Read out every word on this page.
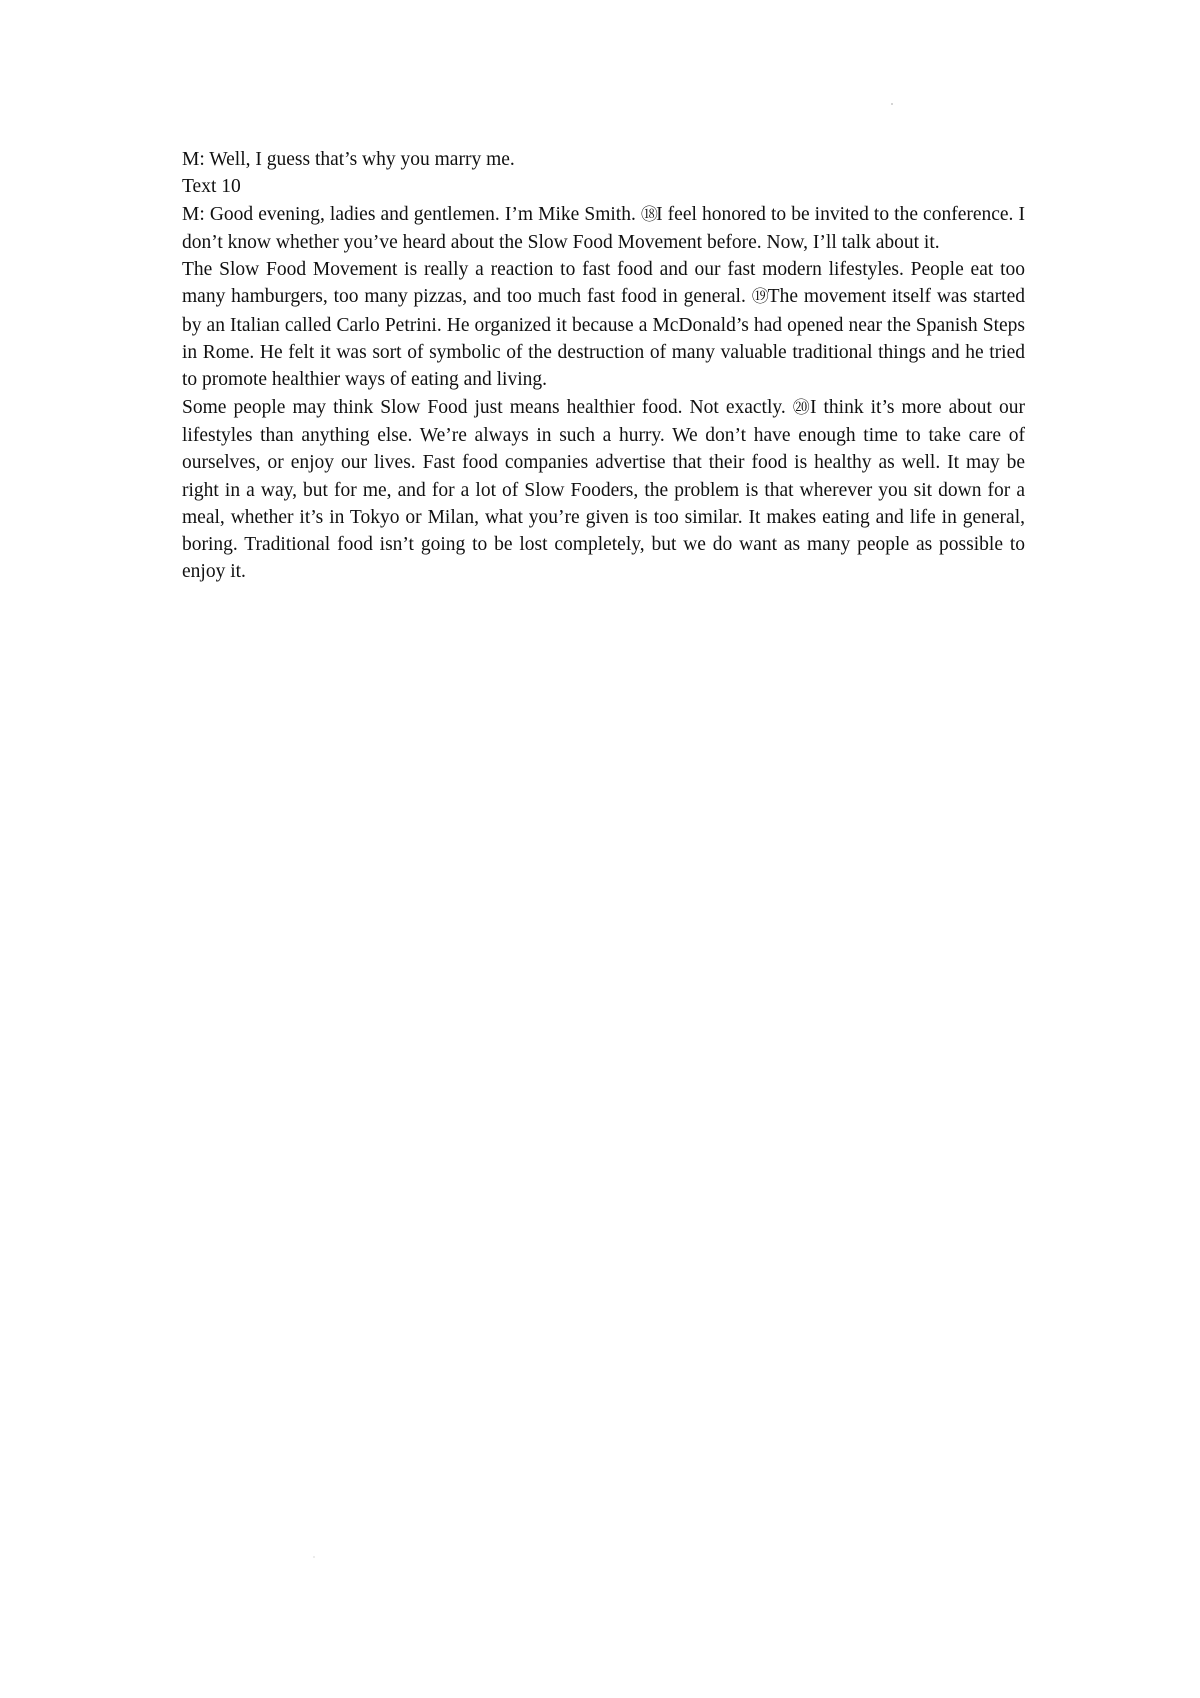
M: Well, I guess that’s why you marry me.

Text 10

M: Good evening, ladies and gentlemen. I’m Mike Smith. ⑱ I feel honored to be invited to the conference. I don’t know whether you’ve heard about the Slow Food Movement before. Now, I’ll talk about it.

The Slow Food Movement is really a reaction to fast food and our fast modern lifestyles. People eat too many hamburgers, too many pizzas, and too much fast food in general. ⑲ The movement itself was started by an Italian called Carlo Petrini. He organized it because a McDonald’s had opened near the Spanish Steps in Rome. He felt it was sort of symbolic of the destruction of many valuable traditional things and he tried to promote healthier ways of eating and living.

Some people may think Slow Food just means healthier food. Not exactly. ⑳ I think it’s more about our lifestyles than anything else. We’re always in such a hurry. We don’t have enough time to take care of ourselves, or enjoy our lives. Fast food companies advertise that their food is healthy as well. It may be right in a way, but for me, and for a lot of Slow Fooders, the problem is that wherever you sit down for a meal, whether it’s in Tokyo or Milan, what you’re given is too similar. It makes eating and life in general, boring. Traditional food isn’t going to be lost completely, but we do want as many people as possible to enjoy it.
